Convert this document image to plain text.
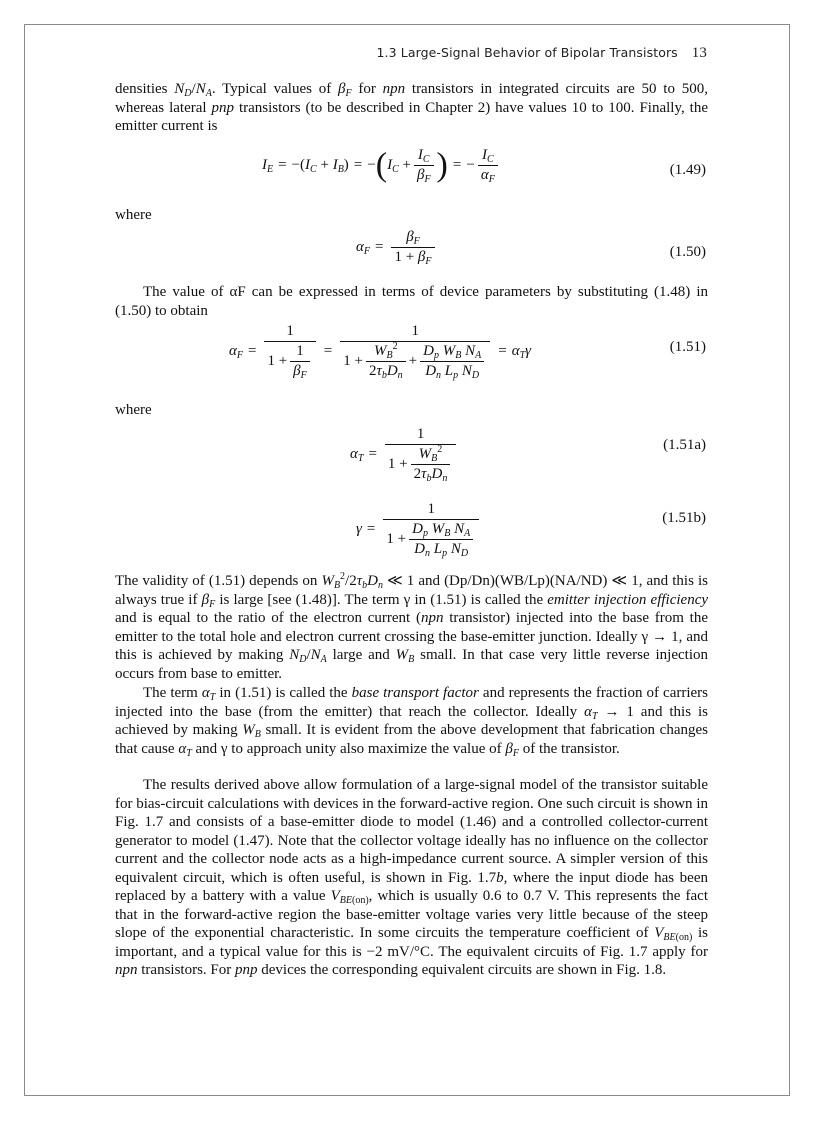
1.3 Large-Signal Behavior of Bipolar Transistors 13

densities $N_D/N_A$. Typical values of $\beta_F$ for npn transistors in integrated circuits are 50 to 500, whereas lateral pnp transistors (to be described in Chapter 2) have values 10 to 100. Finally, the emitter current is

$I_E = -(I_C + I_B) = -(I_C + \frac{I_C}{\beta_F}$ ) = − $\frac{I_C}{\alpha_F}$	(1.49)

where

$\alpha_F = \frac{\beta_F}{1 + \beta_F}$	(1.50)

The value of αF can be expressed in terms of device parameters by substituting (1.48) in (1.50) to obtain

$\alpha_F = \frac{1}{1 + \frac{1}{\beta_F}} = \frac{1}{1 + \frac{W_B^2}{2\tau_bD_n} + \frac{D_p W_B N_A}{D_n L_p N_D}} = \alpha_T\gamma$	(1.51)

where

$\alpha_T = \frac{1}{1 + \frac{W_B^2}{2\tau_bD_n}}$	(1.51a)
$\gamma = \frac{1}{1 + \frac{D_p W_B N_A}{D_n L_p N_D}}$	(1.51b)

The validity of (1.51) depends on $W_B^2/2\tau_bD_n$ ≪ 1 and (Dp/Dn)(WB/Lp)(NA/ND) ≪ 1, and this is always true if $\beta_F$ is large [see (1.48)]. The term γ in (1.51) is called the emitter injection efficiency and is equal to the ratio of the electron current (npn transistor) injected into the base from the emitter to the total hole and electron current crossing the base-emitter junction. Ideally γ → 1, and this is achieved by making $N_D/N_A$ large and $W_B$ small. In that case very little reverse injection occurs from base to emitter.

The term $\alpha_T$ in (1.51) is called the base transport factor and represents the fraction of carriers injected into the base (from the emitter) that reach the collector. Ideally $\alpha_T \to 1$ and this is achieved by making $W_B$ small. It is evident from the above development that fabrication changes that cause $\alpha_T$ and γ to approach unity also maximize the value of $\beta_F$ of the transistor.

The results derived above allow formulation of a large-signal model of the transistor suitable for bias-circuit calculations with devices in the forward-active region. One such circuit is shown in Fig. 1.7 and consists of a base-emitter diode to model (1.46) and a controlled collector-current generator to model (1.47). Note that the collector voltage ideally has no influence on the collector current and the collector node acts as a high-impedance current source. A simpler version of this equivalent circuit, which is often useful, is shown in Fig. 1.7b, where the input diode has been replaced by a battery with a value $V_{BE(on)}$, which is usually 0.6 to 0.7 V. This represents the fact that in the forward-active region the base-emitter voltage varies very little because of the steep slope of the exponential characteristic. In some circuits the temperature coefficient of $V_{BE(on)}$ is important, and a typical value for this is −2 mV/°C. The equivalent circuits of Fig. 1.7 apply for npn transistors. For pnp devices the corresponding equivalent circuits are shown in Fig. 1.8.
